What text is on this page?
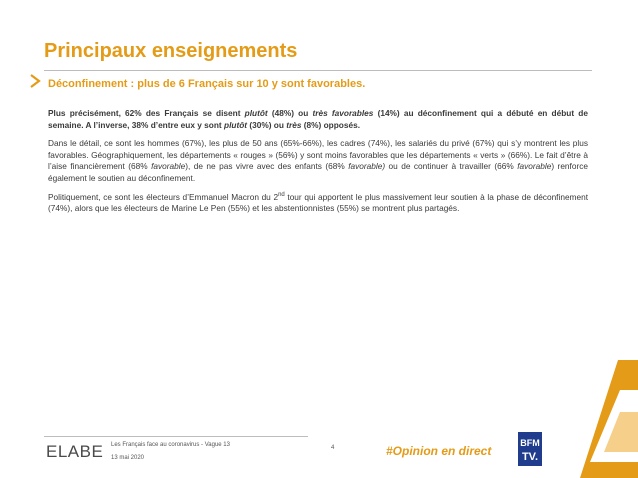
Principaux enseignements
Déconfinement : plus de 6 Français sur 10 y sont favorables.

Plus précisément, 62% des Français se disent plutôt (48%) ou très favorables (14%) au déconfinement qui a débuté en début de semaine. A l’inverse, 38% d’entre eux y sont plutôt (30%) ou très (8%) opposés.

Dans le détail, ce sont les hommes (67%), les plus de 50 ans (65%-66%), les cadres (74%), les salariés du privé (67%) qui s’y montrent les plus favorables. Géographiquement, les départements « rouges » (56%) y sont moins favorables que les départements « verts » (66%). Le fait d’être à l’aise financièrement (68% favorable), de ne pas vivre avec des enfants (68% favorable) ou de continuer à travailler (66% favorable) renforce également le soutien au déconfinement.

Politiquement, ce sont les électeurs d’Emmanuel Macron du 2nd tour qui apportent le plus massivement leur soutien à la phase de déconfinement (74%), alors que les électeurs de Marine Le Pen (55%) et les abstentionnistes (55%) se montrent plus partagés.

ELABE Les Français face au coronavirus - Vague 13
13 mai 2020
4	#Opinion en direct
BFM
TV.
